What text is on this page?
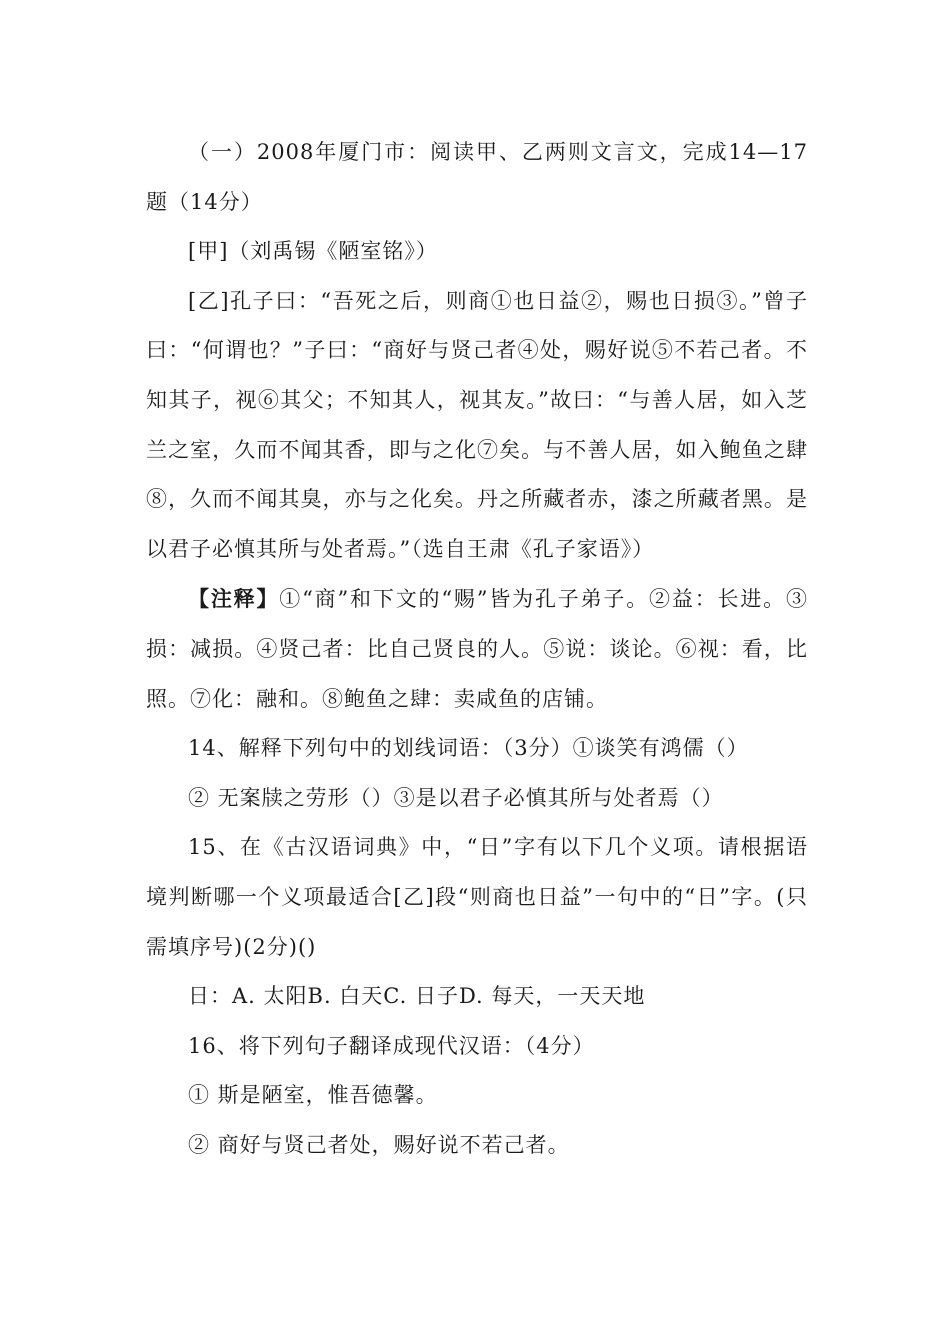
（一）2008年厦门市：阅读甲、乙两则文言文，完成14—17题（14分）

[甲]（刘禹锡《陋室铭》）

[乙]孔子曰：“吾死之后，则商①也日益②，赐也日损③。”曾子曰：“何谓也？”子曰：“商好与贤己者④处，赐好说⑤不若己者。不知其子，视⑥其父；不知其人，视其友。”故曰：“与善人居，如入芝兰之室，久而不闻其香，即与之化⑦矣。与不善人居，如入鲍鱼之肆⑧，久而不闻其臭，亦与之化矣。丹之所藏者赤，漆之所藏者黑。是以君子必慎其所与处者焉。”（选自王肃《孔子家语》）

【注释】①“商”和下文的“赐”皆为孔子弟子。②益：长进。③损：减损。④贤己者：比自己贤良的人。⑤说：谈论。⑥视：看，比照。⑦化：融和。⑧鲍鱼之肆：卖咸鱼的店铺。

14、解释下列句中的划线词语：（3分）①谈笑有鸿儒（）

② 无案牍之劳形（）③是以君子必慎其所与处者焉（）

15、在《古汉语词典》中，“日”字有以下几个义项。请根据语境判断哪一个义项最适合[乙]段“则商也日益”一句中的“日”字。(只需填序号)(2分)()

日：A. 太阳B. 白天C. 日子D. 每天，一天天地

16、将下列句子翻译成现代汉语：（4分）

① 斯是陋室，惟吾德馨。

② 商好与贤己者处，赐好说不若己者。
